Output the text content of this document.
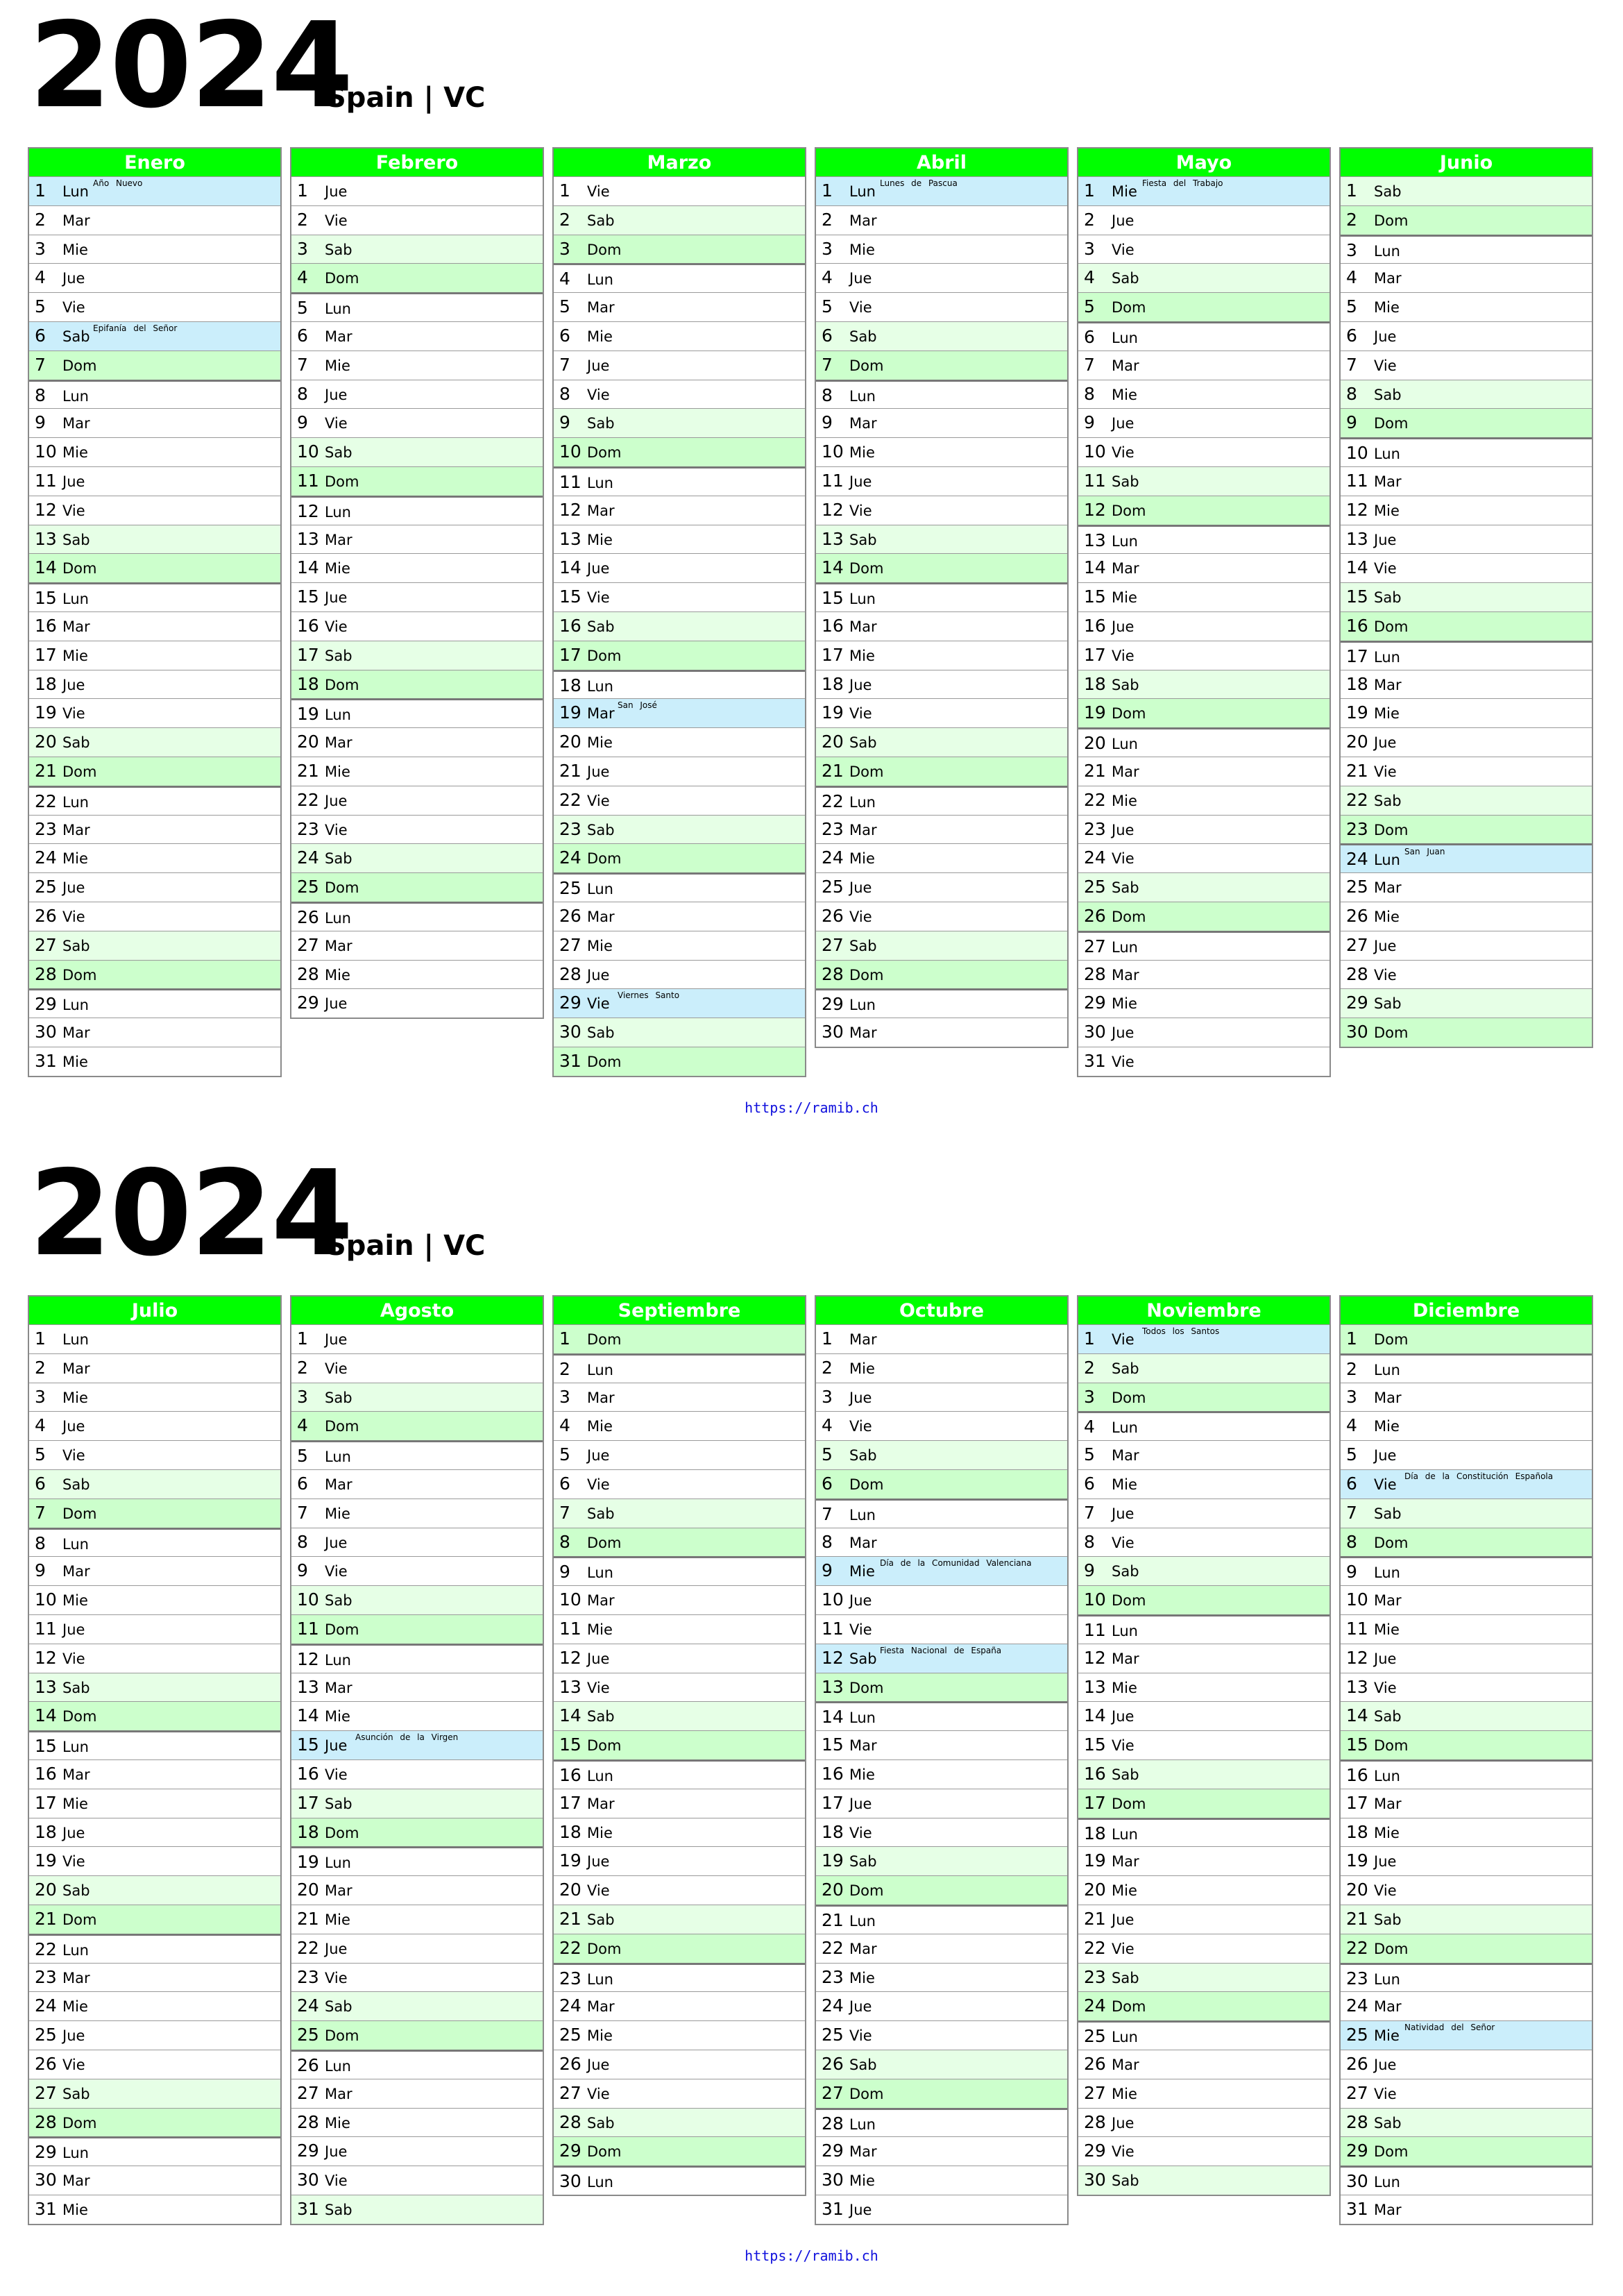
2024
Spain | VC
Enero
1 Lun Año Nuevo
2 Mar
3 Mie
4 Jue
5 Vie
6 Sab Epifanía del Señor
7 Dom
8 Lun
9 Mar
10 Mie
11 Jue
12 Vie
13 Sab
14 Dom
15 Lun
16 Mar
17 Mie
18 Jue
19 Vie
20 Sab
21 Dom
22 Lun
23 Mar
24 Mie
25 Jue
26 Vie
27 Sab
28 Dom
29 Lun
30 Mar
31 Mie
Febrero
1 Jue
2 Vie
3 Sab
4 Dom
5 Lun
6 Mar
7 Mie
8 Jue
9 Vie
10 Sab
11 Dom
12 Lun
13 Mar
14 Mie
15 Jue
16 Vie
17 Sab
18 Dom
19 Lun
20 Mar
21 Mie
22 Jue
23 Vie
24 Sab
25 Dom
26 Lun
27 Mar
28 Mie
29 Jue
Marzo
1 Vie
2 Sab
3 Dom
4 Lun
5 Mar
6 Mie
7 Jue
8 Vie
9 Sab
10 Dom
11 Lun
12 Mar
13 Mie
14 Jue
15 Vie
16 Sab
17 Dom
18 Lun
19 Mar San José
20 Mie
21 Jue
22 Vie
23 Sab
24 Dom
25 Lun
26 Mar
27 Mie
28 Jue
29 Vie Viernes Santo
30 Sab
31 Dom
Abril
1 Lun Lunes de Pascua
2 Mar
3 Mie
4 Jue
5 Vie
6 Sab
7 Dom
8 Lun
9 Mar
10 Mie
11 Jue
12 Vie
13 Sab
14 Dom
15 Lun
16 Mar
17 Mie
18 Jue
19 Vie
20 Sab
21 Dom
22 Lun
23 Mar
24 Mie
25 Jue
26 Vie
27 Sab
28 Dom
29 Lun
30 Mar
Mayo
1 Mie Fiesta del Trabajo
2 Jue
3 Vie
4 Sab
5 Dom
6 Lun
7 Mar
8 Mie
9 Jue
10 Vie
11 Sab
12 Dom
13 Lun
14 Mar
15 Mie
16 Jue
17 Vie
18 Sab
19 Dom
20 Lun
21 Mar
22 Mie
23 Jue
24 Vie
25 Sab
26 Dom
27 Lun
28 Mar
29 Mie
30 Jue
31 Vie
Junio
1 Sab
2 Dom
3 Lun
4 Mar
5 Mie
6 Jue
7 Vie
8 Sab
9 Dom
10 Lun
11 Mar
12 Mie
13 Jue
14 Vie
15 Sab
16 Dom
17 Lun
18 Mar
19 Mie
20 Jue
21 Vie
22 Sab
23 Dom
24 Lun San Juan
25 Mar
26 Mie
27 Jue
28 Vie
29 Sab
30 Dom
https://ramib.ch
2024
Spain | VC
Julio
1 Lun
2 Mar
3 Mie
4 Jue
5 Vie
6 Sab
7 Dom
8 Lun
9 Mar
10 Mie
11 Jue
12 Vie
13 Sab
14 Dom
15 Lun
16 Mar
17 Mie
18 Jue
19 Vie
20 Sab
21 Dom
22 Lun
23 Mar
24 Mie
25 Jue
26 Vie
27 Sab
28 Dom
29 Lun
30 Mar
31 Mie
Agosto
1 Jue
2 Vie
3 Sab
4 Dom
5 Lun
6 Mar
7 Mie
8 Jue
9 Vie
10 Sab
11 Dom
12 Lun
13 Mar
14 Mie
15 Jue Asunción de la Virgen
16 Vie
17 Sab
18 Dom
19 Lun
20 Mar
21 Mie
22 Jue
23 Vie
24 Sab
25 Dom
26 Lun
27 Mar
28 Mie
29 Jue
30 Vie
31 Sab
Septiembre
1 Dom
2 Lun
3 Mar
4 Mie
5 Jue
6 Vie
7 Sab
8 Dom
9 Lun
10 Mar
11 Mie
12 Jue
13 Vie
14 Sab
15 Dom
16 Lun
17 Mar
18 Mie
19 Jue
20 Vie
21 Sab
22 Dom
23 Lun
24 Mar
25 Mie
26 Jue
27 Vie
28 Sab
29 Dom
30 Lun
Octubre
1 Mar
2 Mie
3 Jue
4 Vie
5 Sab
6 Dom
7 Lun
8 Mar
9 Mie Día de la Comunidad Valenciana
10 Jue
11 Vie
12 Sab Fiesta Nacional de España
13 Dom
14 Lun
15 Mar
16 Mie
17 Jue
18 Vie
19 Sab
20 Dom
21 Lun
22 Mar
23 Mie
24 Jue
25 Vie
26 Sab
27 Dom
28 Lun
29 Mar
30 Mie
31 Jue
Noviembre
1 Vie Todos los Santos
2 Sab
3 Dom
4 Lun
5 Mar
6 Mie
7 Jue
8 Vie
9 Sab
10 Dom
11 Lun
12 Mar
13 Mie
14 Jue
15 Vie
16 Sab
17 Dom
18 Lun
19 Mar
20 Mie
21 Jue
22 Vie
23 Sab
24 Dom
25 Lun
26 Mar
27 Mie
28 Jue
29 Vie
30 Sab
Diciembre
1 Dom
2 Lun
3 Mar
4 Mie
5 Jue
6 Vie Día de la Constitución Española
7 Sab
8 Dom
9 Lun
10 Mar
11 Mie
12 Jue
13 Vie
14 Sab
15 Dom
16 Lun
17 Mar
18 Mie
19 Jue
20 Vie
21 Sab
22 Dom
23 Lun
24 Mar
25 Mie Natividad del Señor
26 Jue
27 Vie
28 Sab
29 Dom
30 Lun
31 Mar
https://ramib.ch
